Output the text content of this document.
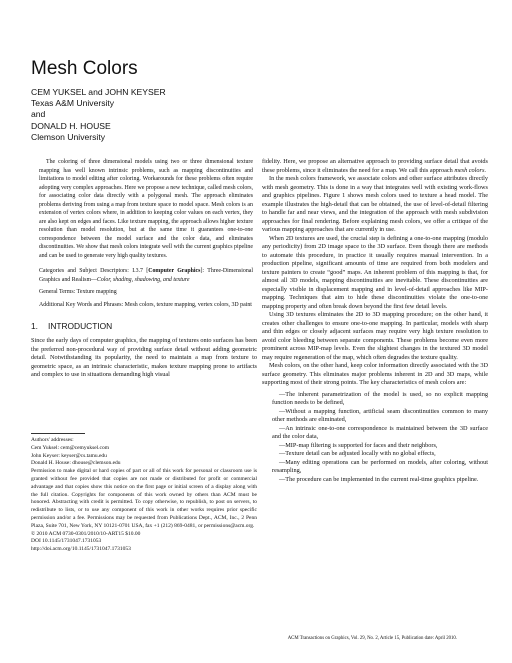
Mesh Colors
CEM YUKSEL and JOHN KEYSER
Texas A&M University
and
DONALD H. HOUSE
Clemson University

The coloring of three dimensional models using two or three dimensional texture mapping has well known intrinsic problems, such as mapping discontinuities and limitations to model editing after coloring. Workarounds for these problems often require adopting very complex approaches. Here we propose a new technique, called mesh colors, for associating color data directly with a polygonal mesh. The approach eliminates problems deriving from using a map from texture space to model space. Mesh colors is an extension of vertex colors where, in addition to keeping color values on each vertex, they are also kept on edges and faces. Like texture mapping, the approach allows higher texture resolution than model resolution, but at the same time it guarantees one-to-one correspondence between the model surface and the color data, and eliminates discontinuities. We show that mesh colors integrate well with the current graphics pipeline and can be used to generate very high quality textures.

Categories and Subject Descriptors: I.3.7 [Computer Graphics]: Three-Dimensional Graphics and Realism—Color, shading, shadowing, and texture

General Terms: Texture mapping

Additional Key Words and Phrases: Mesh colors, texture mapping, vertex colors, 3D paint

1. INTRODUCTION

Since the early days of computer graphics, the mapping of textures onto surfaces has been the preferred non-procedural way of providing surface detail without adding geometric detail. Notwithstanding its popularity, the need to maintain a map from texture to geometric space, as an intrinsic characteristic, makes texture mapping prone to artifacts and complex to use in situations demanding high visual

Authors' addresses:
Cem Yuksel: cem@cemyuksel.com
John Keyser: keyser@cs.tamu.edu
Donald H. House: dhouse@clemson.edu
Permission to make digital or hard copies of part or all of this work for personal or classroom use is granted without fee provided that copies are not made or distributed for profit or commercial advantage and that copies show this notice on the first page or initial screen of a display along with the full citation. Copyrights for components of this work owned by others than ACM must be honored. Abstracting with credit is permitted. To copy otherwise, to republish, to post on servers, to redistribute to lists, or to use any component of this work in other works requires prior specific permission and/or a fee. Permissions may be requested from Publications Dept., ACM, Inc., 2 Penn Plaza, Suite 701, New York, NY 10121-0701 USA, fax +1 (212) 869-0481, or permissions@acm.org.
© 2010 ACM 0730-0301/2010/10-ART15 $10.00
DOI 10.1145/1731047.1731053
http://doi.acm.org/10.1145/1731047.1731053

fidelity. Here, we propose an alternative approach to providing surface detail that avoids these problems, since it eliminates the need for a map. We call this approach mesh colors.

In the mesh colors framework, we associate colors and other surface attributes directly with mesh geometry. This is done in a way that integrates well with existing work-flows and graphics pipelines. Figure 1 shows mesh colors used to texture a head model. The example illustrates the high-detail that can be obtained, the use of level-of-detail filtering to handle far and near views, and the integration of the approach with mesh subdivision approaches for final rendering. Before explaining mesh colors, we offer a critique of the various mapping approaches that are currently in use.

When 2D textures are used, the crucial step is defining a one-to-one mapping (modulo any periodicity) from 2D image space to the 3D surface. Even though there are methods to automate this procedure, in practice it usually requires manual intervention. In a production pipeline, significant amounts of time are required from both modelers and texture painters to create “good” maps. An inherent problem of this mapping is that, for almost all 3D models, mapping discontinuities are inevitable. These discontinuities are especially visible in displacement mapping and in level-of-detail approaches like MIP-mapping. Techniques that aim to hide these discontinuities violate the one-to-one mapping property and often break down beyond the first few detail levels.

Using 3D textures eliminates the 2D to 3D mapping procedure; on the other hand, it creates other challenges to ensure one-to-one mapping. In particular, models with sharp and thin edges or closely adjacent surfaces may require very high texture resolution to avoid color bleeding between separate components. These problems become even more prominent across MIP-map levels. Even the slightest changes in the textured 3D model may require regeneration of the map, which often degrades the texture quality.

Mesh colors, on the other hand, keep color information directly associated with the 3D surface geometry. This eliminates major problems inherent in 2D and 3D maps, while supporting most of their strong points. The key characteristics of mesh colors are:

—The inherent parametrization of the model is used, so no explicit mapping function needs to be defined,

—Without a mapping function, artificial seam discontinuities common to many other methods are eliminated,

—An intrinsic one-to-one correspondence is maintained between the 3D surface and the color data,

—MIP-map filtering is supported for faces and their neighbors,

—Texture detail can be adjusted locally with no global effects,

—Many editing operations can be performed on models, after coloring, without resampling,

—The procedure can be implemented in the current real-time graphics pipeline.

ACM Transactions on Graphics, Vol. 29, No. 2, Article 15, Publication date: April 2010.
